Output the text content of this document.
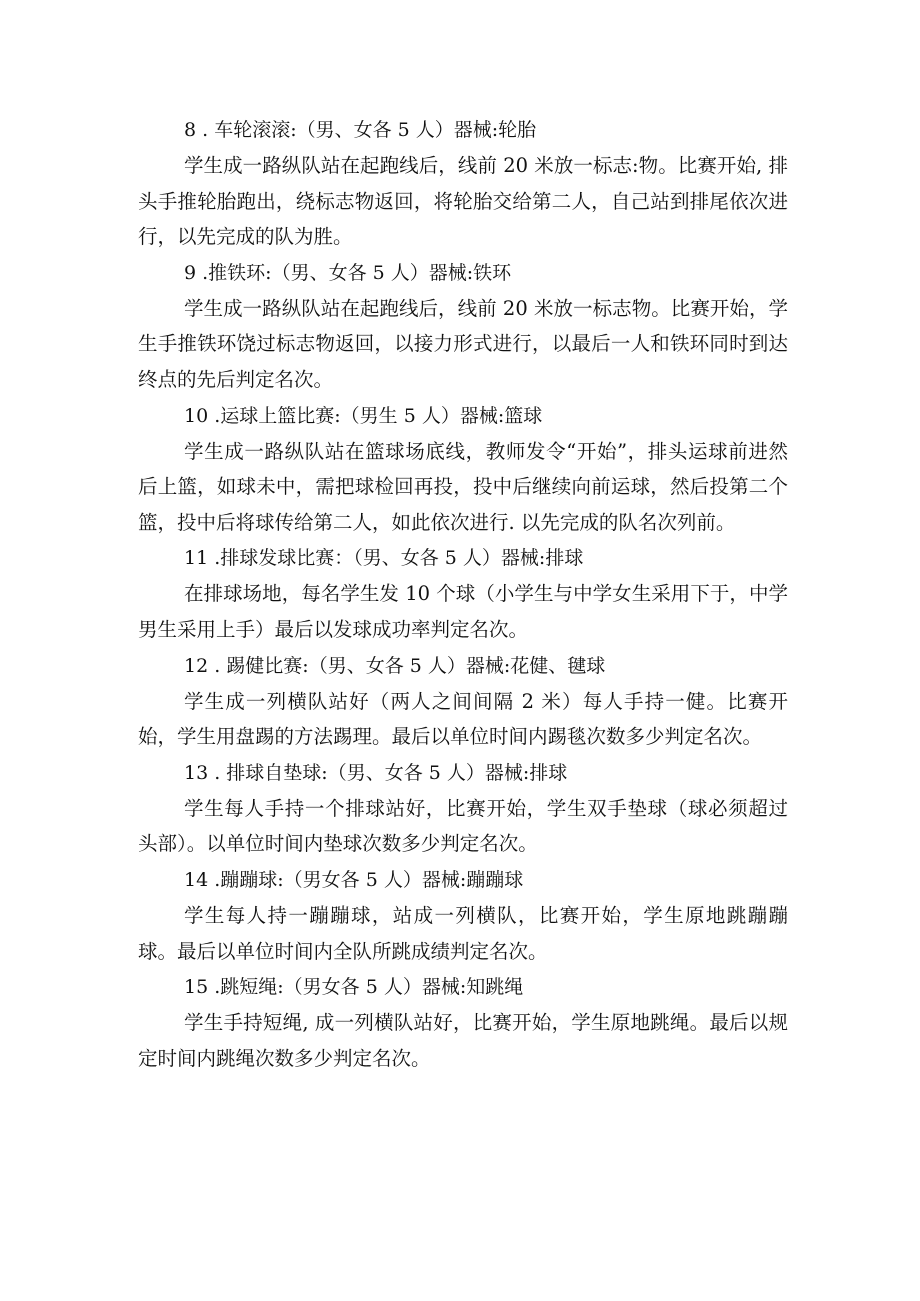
8 . 车轮滚滚:（男、女各 5 人）器械:轮胎

学生成一路纵队站在起跑线后，线前 20 米放一标志:物。比赛开始, 排头手推轮胎跑出，绕标志物返回，将轮胎交给第二人，自己站到排尾依次进行，以先完成的队为胜。

9 .推铁环:（男、女各 5 人）器械:铁环

学生成一路纵队站在起跑线后，线前 20 米放一标志物。比赛开始，学生手推铁环饶过标志物返回，以接力形式进行，以最后一人和铁环同时到达终点的先后判定名次。

10 .运球上篮比赛:（男生 5 人）器械:篮球

学生成一路纵队站在篮球场底线，教师发令“开始”，排头运球前进然后上篮，如球未中，需把球检回再投，投中后继续向前运球，然后投第二个篮，投中后将球传给第二人，如此依次进行. 以先完成的队名次列前。

11 .排球发球比赛：（男、女各 5 人）器械:排球

在排球场地，每名学生发 10 个球（小学生与中学女生采用下于，中学男生采用上手）最后以发球成功率判定名次。

12 . 踢健比赛:（男、女各 5 人）器械:花健、毽球

学生成一列横队站好（两人之间间隔 2 米）每人手持一健。比赛开始，学生用盘踢的方法踢理。最后以单位时间内踢毯次数多少判定名次。

13 . 排球自垫球:（男、女各 5 人）器械:排球

学生每人手持一个排球站好，比赛开始，学生双手垫球（球必须超过头部）。以单位时间内垫球次数多少判定名次。

14 .蹦蹦球:（男女各 5 人）器械:蹦蹦球

学生每人持一蹦蹦球，站成一列横队，比赛开始，学生原地跳蹦蹦球。最后以单位时间内全队所跳成绩判定名次。

15 .跳短绳:（男女各 5 人）器械:知跳绳

学生手持短绳, 成一列横队站好，比赛开始，学生原地跳绳。最后以规定时间内跳绳次数多少判定名次。
